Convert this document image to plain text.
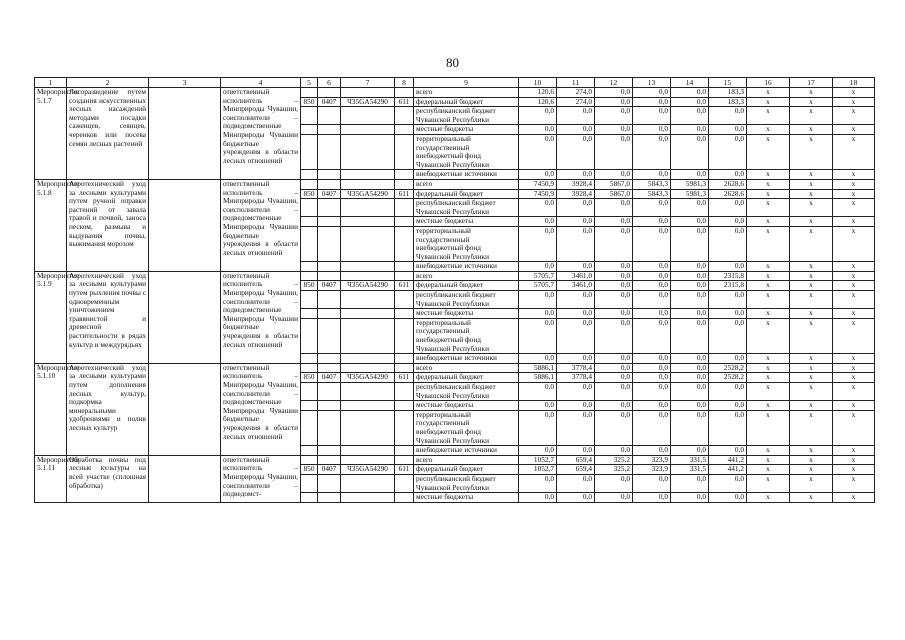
80
1	2	3	4	5	6	7	8	9	10	11	12	13	14	15	16	17	18
Мероприятие 5.1.7	Лесоразведение путем создания искусственных лесных насаждений методами посадки саженцев, сеянцев, черенков или посева семян лесных растений		ответственный исполнитель – Минприроды Чувашии, соисполнители – подведомственные Минприроды Чувашии бюджетные учреждения в области лесных отношений					всего	120,6	274,0	0,0	0,0	0,0	183,3	x	x	x
				850	0407	Ч35GA54290	611	федеральный бюджет	120,6	274,0	0,0	0,0	0,0	183,3	x	x	x
								республиканский бюджет Чувашской Республики	0,0	0,0	0,0	0,0	0,0	0,0	x	x	x
								местные бюджеты	0,0	0,0	0,0	0,0	0,0	0,0	x	x	x
								территориальный государственный внебюджетный фонд Чувашской Республики	0,0	0,0	0,0	0,0	0,0	0,0	x	x	x
								внебюджетные источники	0,0	0,0	0,0	0,0	0,0	0,0	x	x	x
Мероприятие 5.1.8	Агротехнический уход за лесными культурами путем ручной оправки растений от завала травой и почвой, заноса песком, размыва и выдувания почвы, выжимания морозом		ответственный исполнитель – Минприроды Чувашии, соисполнители – подведомственные Минприроды Чувашии бюджетные учреждения в области лесных отношений					всего	7450,9	3928,4	5867,0	5843,3	5981,3	2628,6	x	x	x
				850	0407	Ч35GA54290	611	федеральный бюджет	7450,9	3928,4	5867,0	5843,3	5981,3	2628,6	x	x	x
								республиканский бюджет Чувашской Республики	0,0	0,0	0,0	0,0	0,0	0,0	x	x	x
								местные бюджеты	0,0	0,0	0,0	0,0	0,0	0,0	x	x	x
								территориальный государственный внебюджетный фонд Чувашской Республики	0,0	0,0	0,0	0,0	0,0	0,0	x	x	x
								внебюджетные источники	0,0	0,0	0,0	0,0	0,0	0,0	x	x	x
Мероприятие 5.1.9	Агротехнический уход за лесными культурами путем рыхления почвы с одновременным уничтожением травянистой и древесной растительности в рядах культур и междурядьях		ответственный исполнитель – Минприроды Чувашии, соисполнители – подведомственные Минприроды Чувашии бюджетные учреждения в области лесных отношений					всего	5705,7	3461,0	0,0	0,0	0,0	2315,8	x	x	x
				850	0407	Ч35GA54290	611	федеральный бюджет	5705,7	3461,0	0,0	0,0	0,0	2315,8	x	x	x
								республиканский бюджет Чувашской Республики	0,0	0,0	0,0	0,0	0,0	0,0	x	x	x
								местные бюджеты	0,0	0,0	0,0	0,0	0,0	0,0	x	x	x
								территориальный государственный внебюджетный фонд Чувашской Республики	0,0	0,0	0,0	0,0	0,0	0,0	x	x	x
								внебюджетные источники	0,0	0,0	0,0	0,0	0,0	0,0	x	x	x
Мероприятие 5.1.10	Агротехнический уход за лесными культурами путем дополнения лесных культур, подкормка минеральными удобрениями и полив лесных культур		ответственный исполнитель – Минприроды Чувашии, соисполнители – подведомственные Минприроды Чувашии бюджетные учреждения в области лесных отношений					всего	5886,1	3778,4	0,0	0,0	0,0	2528,2	x	x	x
				850	0407	Ч35GA54290	611	федеральный бюджет	5886,1	3778,4	0,0	0,0	0,0	2528,2	x	x	x
								республиканский бюджет Чувашской Республики	0,0	0,0	0,0	0,0	0,0	0,0	x	x	x
								местные бюджеты	0,0	0,0	0,0	0,0	0,0	0,0	x	x	x
								территориальный государственный внебюджетный фонд Чувашской Республики	0,0	0,0	0,0	0,0	0,0	0,0	x	x	x
								внебюджетные источники	0,0	0,0	0,0	0,0	0,0	0,0	x	x	x
Мероприятие 5.1.11	Обработка почвы под лесные культуры на всей участке (сплошная обработка)		ответственный исполнитель – Минприроды Чувашии, соисполнители – подведомст-					всего	1052,7	659,4	325,2	323,9	331,5	441,2	x	x	x
				850	0407	Ч35GA54290	611	федеральный бюджет	1052,7	659,4	325,2	323,9	331,5	441,2	x	x	x
								республиканский бюджет Чувашской Республики	0,0	0,0	0,0	0,0	0,0	0,0	x	x	x
								местные бюджеты	0,0	0,0	0,0	0,0	0,0	0,0	x	x	x
